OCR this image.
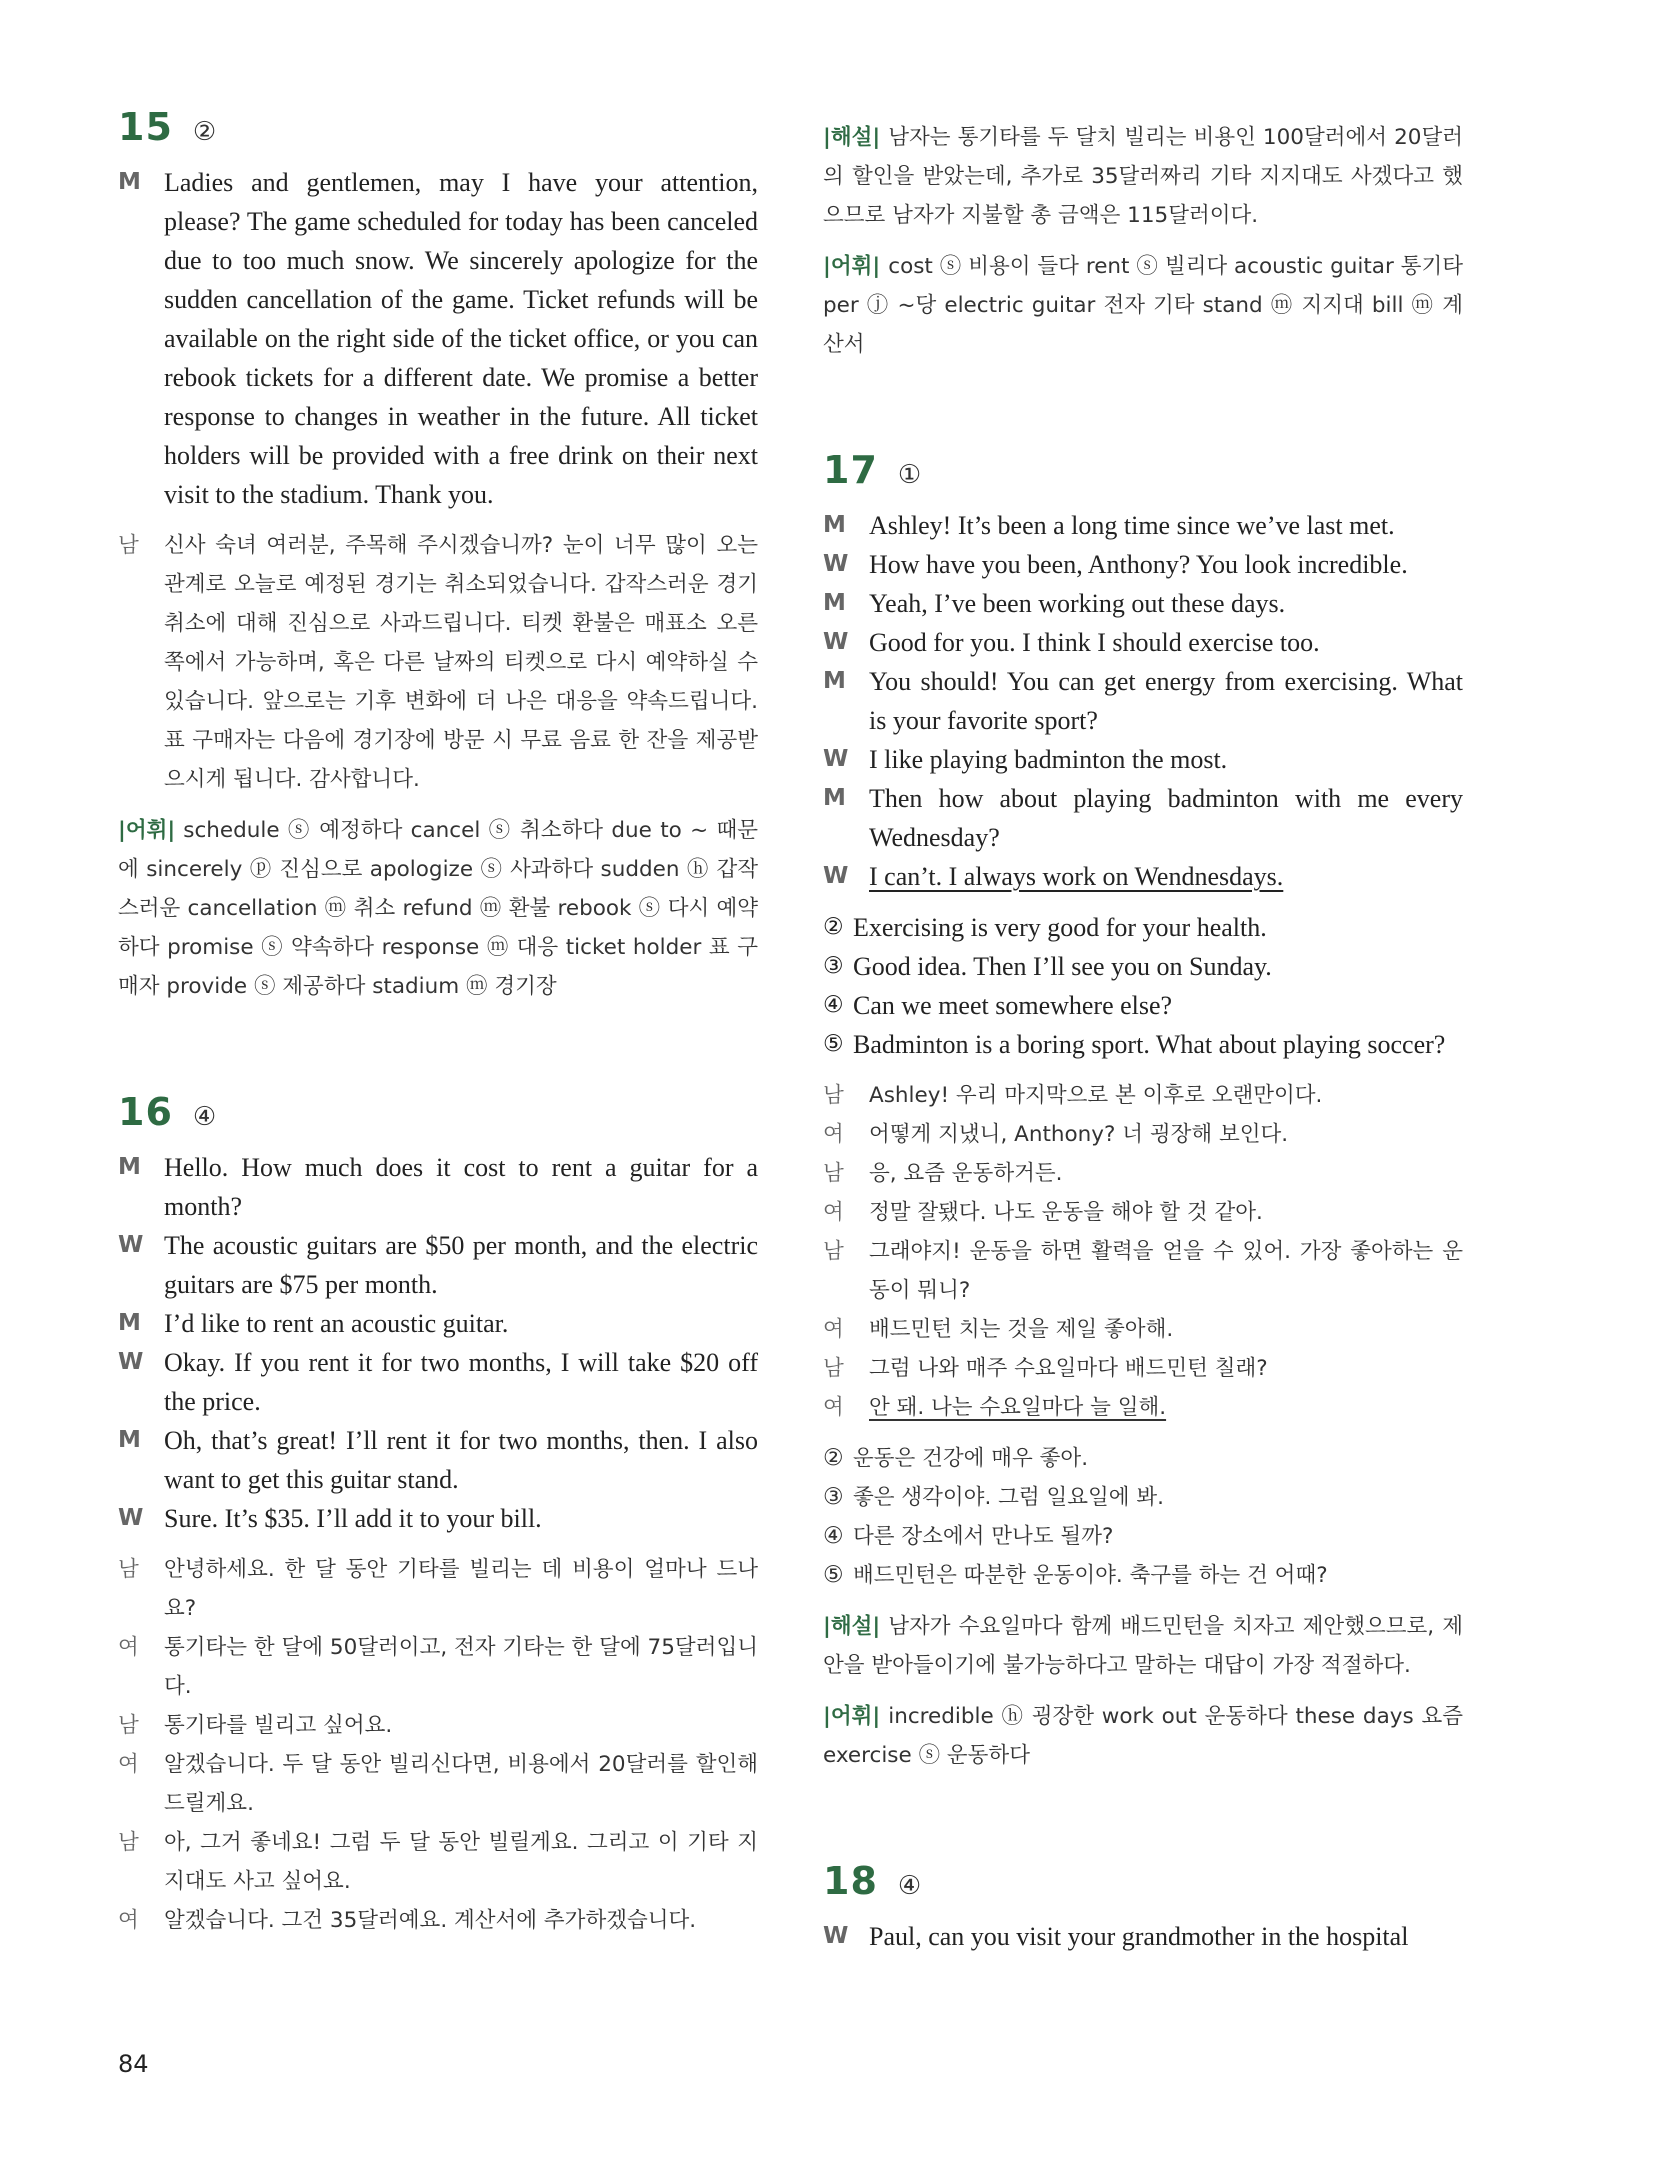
15 ②
M Ladies and gentlemen, may I have your attention, please? The game scheduled for today has been canceled due to too much snow. We sincerely apologize for the sudden cancellation of the game. Ticket refunds will be available on the right side of the ticket office, or you can rebook tickets for a different date. We promise a better response to changes in weather in the future. All ticket holders will be provided with a free drink on their next visit to the stadium. Thank you.
남	신사 숙녀 여러분, 주목해 주시겠습니까? 눈이 너무 많이 오는 관계로 오늘로 예정된 경기는 취소되었습니다. 갑작스러운 경기 취소에 대해 진심으로 사과드립니다. 티켓 환불은 매표소 오른쪽에서 가능하며, 혹은 다른 날짜의 티켓으로 다시 예약하실 수 있습니다. 앞으로는 기후 변화에 더 나은 대응을 약속드립니다. 표 구매자는 다음에 경기장에 방문 시 무료 음료 한 잔을 제공받으시게 됩니다. 감사합니다.
|어휘| schedule ⓢ 예정하다 cancel ⓢ 취소하다 due to ~ 때문에 sincerely ⓟ 진심으로 apologize ⓢ 사과하다 sudden ⓗ 갑작스러운 cancellation ⓜ 취소 refund ⓜ 환불 rebook ⓢ 다시 예약하다 promise ⓢ 약속하다 response ⓜ 대응 ticket holder 표 구매자 provide ⓢ 제공하다 stadium ⓜ 경기장
16 ④
M Hello. How much does it cost to rent a guitar for a month?
W The acoustic guitars are $50 per month, and the electric guitars are $75 per month.
M I’d like to rent an acoustic guitar.
W Okay. If you rent it for two months, I will take $20 off the price.
M Oh, that’s great! I’ll rent it for two months, then. I also want to get this guitar stand.
W Sure. It’s $35. I’ll add it to your bill.
남	안녕하세요. 한 달 동안 기타를 빌리는 데 비용이 얼마나 드나요?
여	통기타는 한 달에 50달러이고, 전자 기타는 한 달에 75달러입니다.
남	통기타를 빌리고 싶어요.
여	알겠습니다. 두 달 동안 빌리신다면, 비용에서 20달러를 할인해 드릴게요.
남	아, 그거 좋네요! 그럼 두 달 동안 빌릴게요. 그리고 이 기타 지지대도 사고 싶어요.
여	알겠습니다. 그건 35달러예요. 계산서에 추가하겠습니다.
|해설| 남자는 통기타를 두 달치 빌리는 비용인 100달러에서 20달러의 할인을 받았는데, 추가로 35달러짜리 기타 지지대도 사겠다고 했으므로 남자가 지불할 총 금액은 115달러이다.
|어휘| cost ⓢ 비용이 들다 rent ⓢ 빌리다 acoustic guitar 통기타 per ⓙ ~당 electric guitar 전자 기타 stand ⓜ 지지대 bill ⓜ 계산서
17 ①
M Ashley! It’s been a long time since we’ve last met.
W How have you been, Anthony? You look incredible.
M Yeah, I’ve been working out these days.
W Good for you. I think I should exercise too.
M You should! You can get energy from exercising. What is your favorite sport?
W I like playing badminton the most.
M Then how about playing badminton with me every Wednesday?
W I can’t. I always work on Wendnesdays.
② Exercising is very good for your health.
③ Good idea. Then I’ll see you on Sunday.
④ Can we meet somewhere else?
⑤ Badminton is a boring sport. What about playing soccer?
남	Ashley! 우리 마지막으로 본 이후로 오랜만이다.
여	어떻게 지냈니, Anthony? 너 굉장해 보인다.
남	응, 요즘 운동하거든.
여	정말 잘됐다. 나도 운동을 해야 할 것 같아.
남	그래야지! 운동을 하면 활력을 얻을 수 있어. 가장 좋아하는 운동이 뭐니?
여	배드민턴 치는 것을 제일 좋아해.
남	그럼 나와 매주 수요일마다 배드민턴 칠래?
여	안 돼. 나는 수요일마다 늘 일해.
② 운동은 건강에 매우 좋아.
③ 좋은 생각이야. 그럼 일요일에 봐.
④ 다른 장소에서 만나도 될까?
⑤ 배드민턴은 따분한 운동이야. 축구를 하는 건 어때?
|해설| 남자가 수요일마다 함께 배드민턴을 치자고 제안했으므로, 제안을 받아들이기에 불가능하다고 말하는 대답이 가장 적절하다.
|어휘| incredible ⓗ 굉장한 work out 운동하다 these days 요즘 exercise ⓢ 운동하다
18 ④
W Paul, can you visit your grandmother in the hospital
84
